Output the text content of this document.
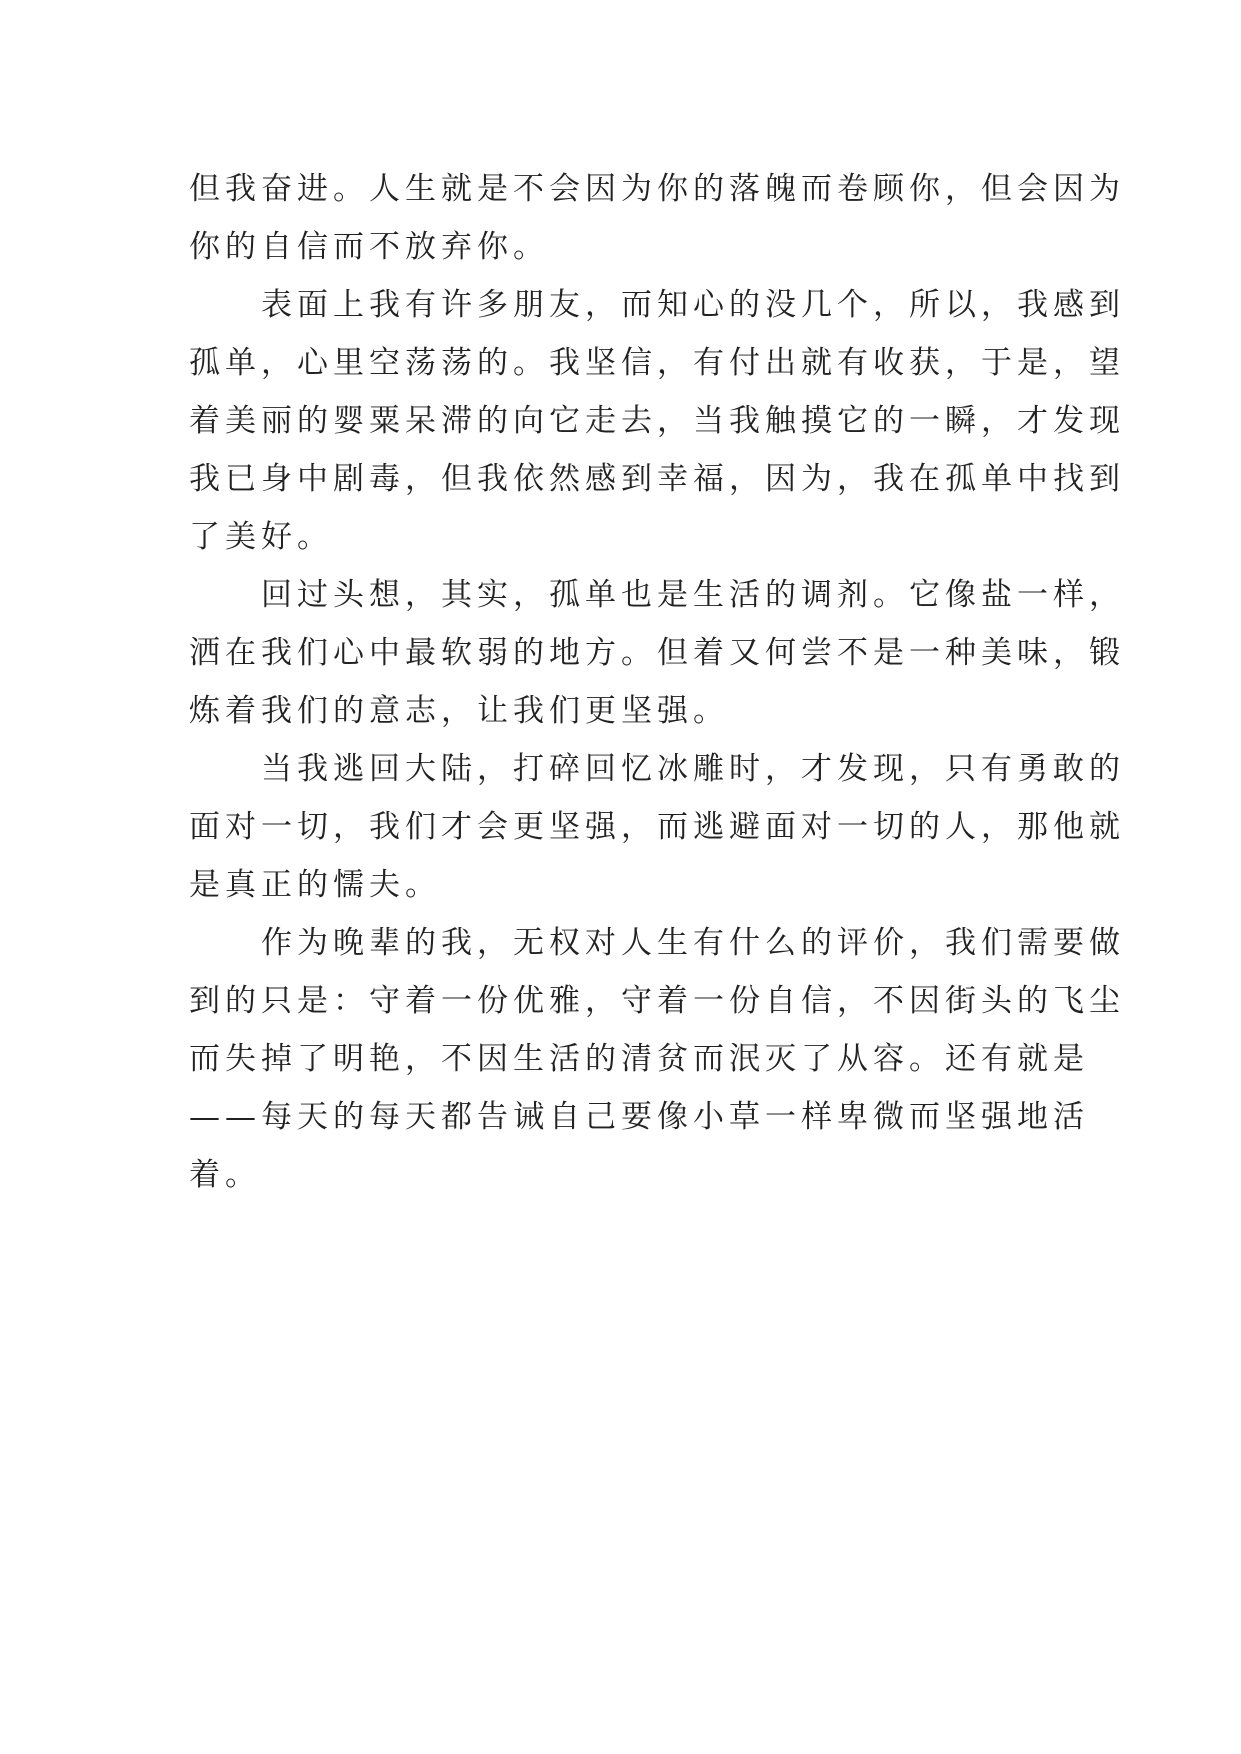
但我奋进。人生就是不会因为你的落魄而卷顾你，但会因为
你的自信而不放弃你。
　　表面上我有许多朋友，而知心的没几个，所以，我感到
孤单，心里空荡荡的。我坚信，有付出就有收获，于是，望
着美丽的婴粟呆滞的向它走去，当我触摸它的一瞬，才发现
我已身中剧毒，但我依然感到幸福，因为，我在孤单中找到
了美好。
　　回过头想，其实，孤单也是生活的调剂。它像盐一样，
洒在我们心中最软弱的地方。但着又何尝不是一种美味，锻
炼着我们的意志，让我们更坚强。
　　当我逃回大陆，打碎回忆冰雕时，才发现，只有勇敢的
面对一切，我们才会更坚强，而逃避面对一切的人，那他就
是真正的懦夫。
　　作为晚辈的我，无权对人生有什么的评价，我们需要做
到的只是：守着一份优雅，守着一份自信，不因街头的飞尘
而失掉了明艳，不因生活的清贫而泯灭了从容。还有就是
——每天的每天都告诫自己要像小草一样卑微而坚强地活
着。
